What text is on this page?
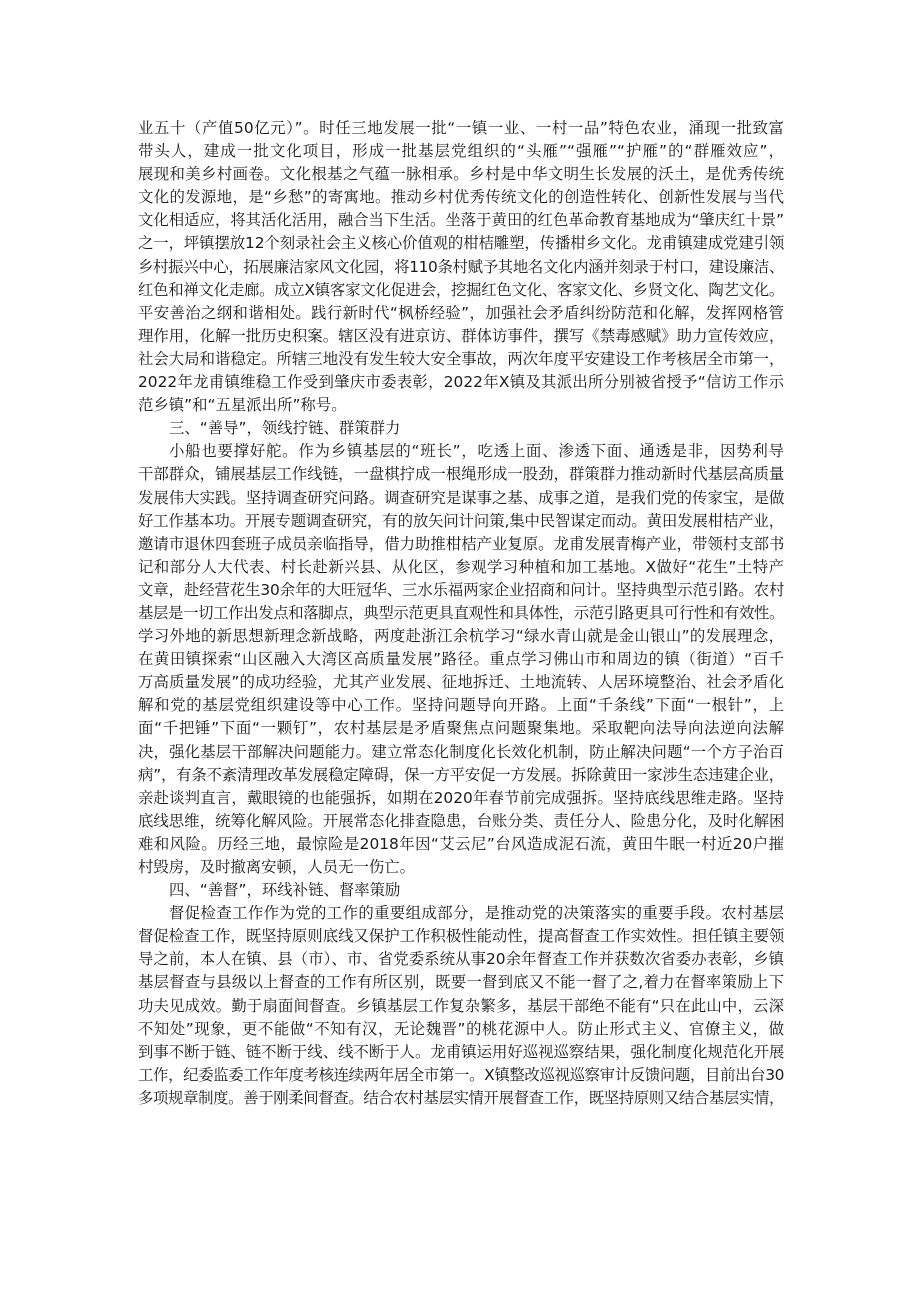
业五十（产值50亿元）”。时任三地发展一批“一镇一业、一村一品”特色农业，涌现一批致富
带头人，建成一批文化项目，形成一批基层党组织的“头雁”“强雁”“护雁”的“群雁效应”，
展现和美乡村画卷。文化根基之气蕴一脉相承。乡村是中华文明生长发展的沃土，是优秀传统
文化的发源地，是“乡愁”的寄寓地。推动乡村优秀传统文化的创造性转化、创新性发展与当代
文化相适应，将其活化活用，融合当下生活。坐落于黄田的红色革命教育基地成为“肇庆红十景”
之一，坪镇摆放12个刻录社会主义核心价值观的柑桔雕塑，传播柑乡文化。龙甫镇建成党建引领
乡村振兴中心，拓展廉洁家风文化园，将110条村赋予其地名文化内涵并刻录于村口，建设廉洁、
红色和禅文化走廊。成立X镇客家文化促进会，挖掘红色文化、客家文化、乡贤文化、陶艺文化。
平安善治之纲和谐相处。践行新时代“枫桥经验”，加强社会矛盾纠纷防范和化解，发挥网格管
理作用，化解一批历史积案。辖区没有进京访、群体访事件，撰写《禁毒感赋》助力宣传效应，
社会大局和谐稳定。所辖三地没有发生较大安全事故，两次年度平安建设工作考核居全市第一，
2022年龙甫镇维稳工作受到肇庆市委表彰，2022年X镇及其派出所分别被省授予“信访工作示
范乡镇”和“五星派出所”称号。
三、“善导”，领线拧链、群策群力
小船也要撑好舵。作为乡镇基层的“班长”，吃透上面、渗透下面、通透是非，因势利导
干部群众，铺展基层工作线链，一盘棋拧成一根绳形成一股劲，群策群力推动新时代基层高质量
发展伟大实践。坚持调查研究问路。调查研究是谋事之基、成事之道，是我们党的传家宝，是做
好工作基本功。开展专题调查研究，有的放矢问计问策,集中民智谋定而动。黄田发展柑桔产业，
邀请市退休四套班子成员亲临指导，借力助推柑桔产业复原。龙甫发展青梅产业，带领村支部书
记和部分人大代表、村长赴新兴县、从化区，参观学习种植和加工基地。X做好“花生”土特产
文章，赴经营花生30余年的大旺冠华、三水乐福两家企业招商和问计。坚持典型示范引路。农村
基层是一切工作出发点和落脚点，典型示范更具直观性和具体性，示范引路更具可行性和有效性。
学习外地的新思想新理念新战略，两度赴浙江余杭学习“绿水青山就是金山银山”的发展理念，
在黄田镇探索“山区融入大湾区高质量发展”路径。重点学习佛山市和周边的镇（街道）“百千
万高质量发展”的成功经验，尤其产业发展、征地拆迁、土地流转、人居环境整治、社会矛盾化
解和党的基层党组织建设等中心工作。坚持问题导向开路。上面“千条线”下面“一根针”，上
面“千把锤”下面“一颗钉”，农村基层是矛盾聚焦点问题聚集地。采取靶向法导向法逆向法解
决，强化基层干部解决问题能力。建立常态化制度化长效化机制，防止解决问题“一个方子治百
病”，有条不紊清理改革发展稳定障碍，保一方平安促一方发展。拆除黄田一家涉生态违建企业，
亲赴谈判直言，戴眼镜的也能强拆，如期在2020年春节前完成强拆。坚持底线思维走路。坚持
底线思维，统筹化解风险。开展常态化排查隐患，台账分类、责任分人、险患分化，及时化解困
难和风险。历经三地，最惊险是2018年因“艾云尼”台风造成泥石流，黄田牛眠一村近20户摧
村毁房，及时撤离安顿，人员无一伤亡。
四、“善督”，环线补链、督率策励
督促检查工作作为党的工作的重要组成部分，是推动党的决策落实的重要手段。农村基层
督促检查工作，既坚持原则底线又保护工作积极性能动性，提高督查工作实效性。担任镇主要领
导之前，本人在镇、县（市）、市、省党委系统从事20余年督查工作并获数次省委办表彰，乡镇
基层督查与县级以上督查的工作有所区别，既要一督到底又不能一督了之,着力在督率策励上下
功夫见成效。勤于扇面间督查。乡镇基层工作复杂繁多，基层干部绝不能有“只在此山中，云深
不知处”现象，更不能做“不知有汉，无论魏晋”的桃花源中人。防止形式主义、官僚主义，做
到事不断于链、链不断于线、线不断于人。龙甫镇运用好巡视巡察结果，强化制度化规范化开展
工作，纪委监委工作年度考核连续两年居全市第一。X镇整改巡视巡察审计反馈问题，目前出台30
多项规章制度。善于刚柔间督查。结合农村基层实情开展督查工作，既坚持原则又结合基层实情，
